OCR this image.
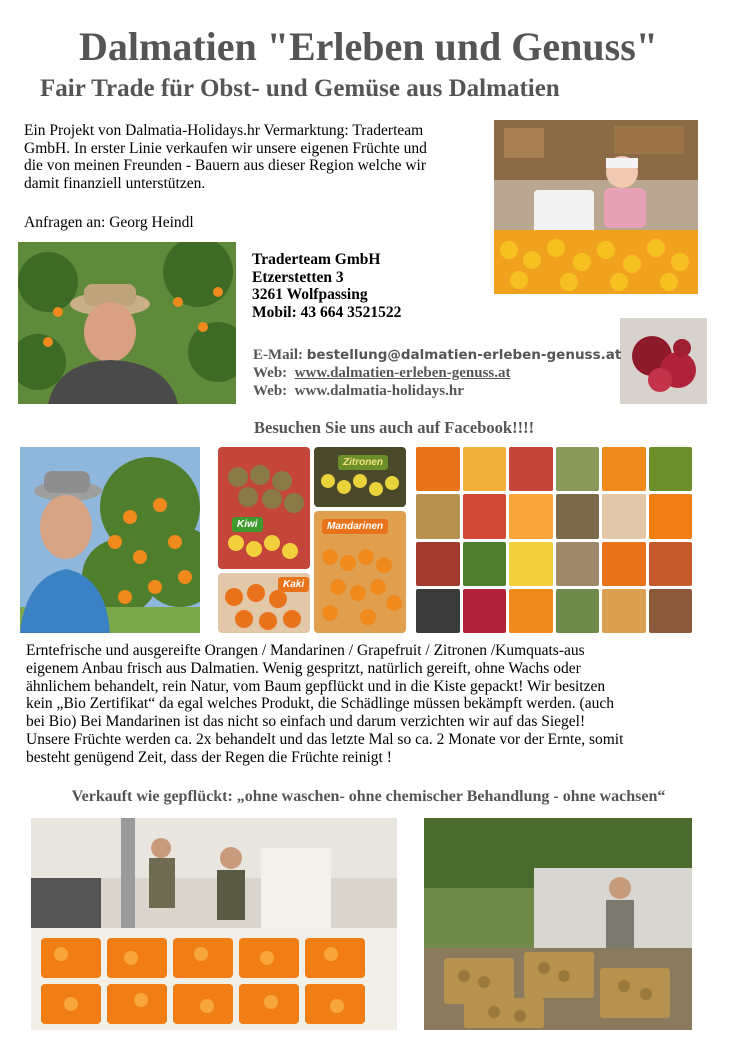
Dalmatien "Erleben und Genuss"
Fair Trade für Obst- und Gemüse aus Dalmatien
Ein Projekt von Dalmatia-Holidays.hr Vermarktung: Traderteam
GmbH. In erster Linie verkaufen wir unsere eigenen Früchte und
die von meinen Freunden - Bauern aus dieser Region welche wir
damit finanziell unterstützen.
Anfragen an: Georg Heindl
Traderteam GmbH
Etzerstetten 3
3261 Wolfpassing
Mobil: 43 664 3521522
E-Mail: bestellung@dalmatien-erleben-genuss.at
Web: www.dalmatien-erleben-genuss.at
Web: www.dalmatia-holidays.hr
Besuchen Sie uns auch auf Facebook!!!!
Zitronen
Kiwi	Mandarinen
Kaki
Erntefrische und ausgereifte Orangen / Mandarinen / Grapefruit / Zitronen /Kumquats-aus
eigenem Anbau frisch aus Dalmatien. Wenig gespritzt, natürlich gereift, ohne Wachs oder
ähnlichem behandelt, rein Natur, vom Baum gepflückt und in die Kiste gepackt! Wir besitzen
kein „Bio Zertifikat“ da egal welches Produkt, die Schädlinge müssen bekämpft werden. (auch
bei Bio) Bei Mandarinen ist das nicht so einfach und darum verzichten wir auf das Siegel!
Unsere Früchte werden ca. 2x behandelt und das letzte Mal so ca. 2 Monate vor der Ernte, somit
besteht genügend Zeit, dass der Regen die Früchte reinigt !
Verkauft wie gepflückt: „ohne waschen- ohne chemischer Behandlung - ohne wachsen“
